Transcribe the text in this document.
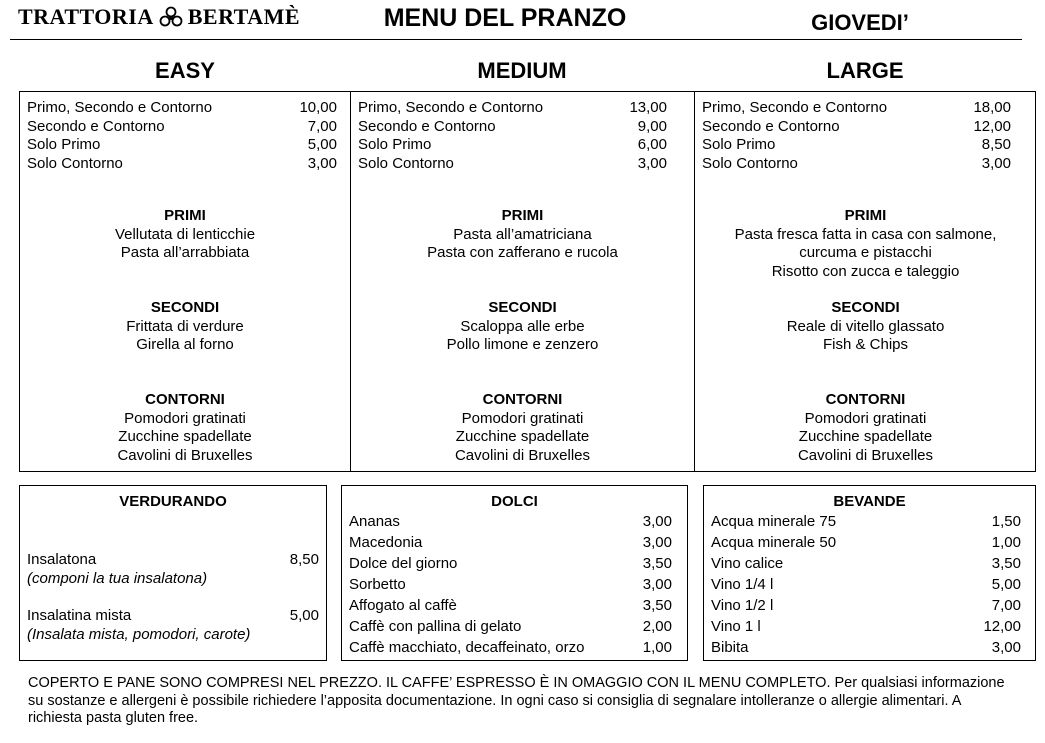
TRATTORIA BERTAMÈ	MENU DEL PRANZO	GIOVEDI’
EASY	MEDIUM	LARGE
Primo, Secondo e Contorno	10,00
Secondo e Contorno	7,00
Solo Primo	5,00
Solo Contorno	3,00
PRIMI
Vellutata di lenticchie
Pasta all’arrabbiata
SECONDI
Frittata di verdure
Girella al forno
CONTORNI
Pomodori gratinati
Zucchine spadellate
Cavolini di Bruxelles
Primo, Secondo e Contorno	13,00
Secondo e Contorno	9,00
Solo Primo	6,00
Solo Contorno	3,00
PRIMI
Pasta all’amatriciana
Pasta con zafferano e rucola
SECONDI
Scaloppa alle erbe
Pollo limone e zenzero
CONTORNI
Pomodori gratinati
Zucchine spadellate
Cavolini di Bruxelles
Primo, Secondo e Contorno	18,00
Secondo e Contorno	12,00
Solo Primo	8,50
Solo Contorno	3,00
PRIMI
Pasta fresca fatta in casa con salmone,
curcuma e pistacchi
Risotto con zucca e taleggio
SECONDI
Reale di vitello glassato
Fish & Chips
CONTORNI
Pomodori gratinati
Zucchine spadellate
Cavolini di Bruxelles
VERDURANDO
Insalatona	8,50
(componi la tua insalatona)
Insalatina mista	5,00
(Insalata mista, pomodori, carote)
DOLCI
Ananas	3,00
Macedonia	3,00
Dolce del giorno	3,50
Sorbetto	3,00
Affogato al caffè	3,50
Caffè con pallina di gelato	2,00
Caffè macchiato, decaffeinato, orzo	1,00
BEVANDE
Acqua minerale 75	1,50
Acqua minerale 50	1,00
Vino calice	3,50
Vino 1/4 l	5,00
Vino 1/2 l	7,00
Vino 1 l	12,00
Bibita	3,00
COPERTO E PANE SONO COMPRESI NEL PREZZO. IL CAFFE’ ESPRESSO È IN OMAGGIO CON IL MENU COMPLETO. Per qualsiasi informazione su sostanze e allergeni è possibile richiedere l’apposita documentazione. In ogni caso si consiglia di segnalare intolleranze o allergie alimentari. A richiesta pasta gluten free.
